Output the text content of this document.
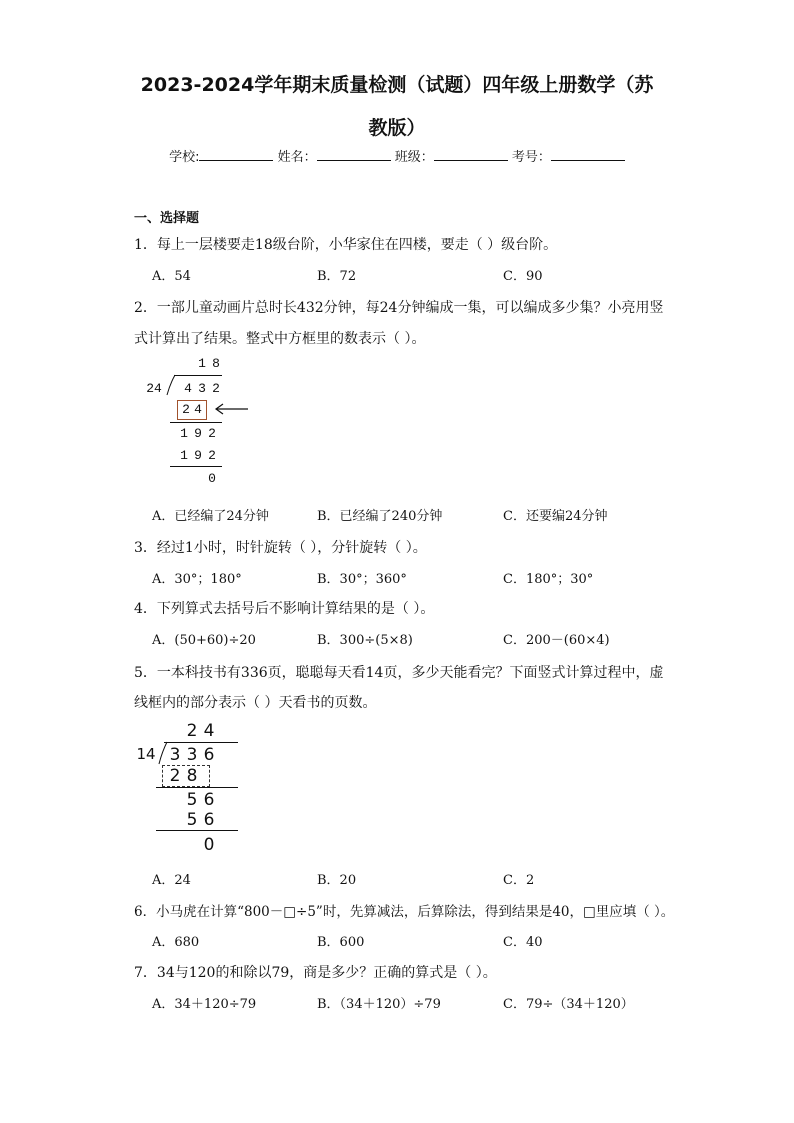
2023-2024学年期末质量检测（试题）四年级上册数学（苏
教版）
学校:	姓名：	班级：	考号：
一、选择题
1．每上一层楼要走18级台阶，小华家住在四楼，要走（ ）级台阶。
A．54	B．72	C．90
2．一部儿童动画片总时长432分钟，每24分钟编成一集，可以编成多少集？小亮用竖
式计算出了结果。整式中方框里的数表示（ ）。
1 8
24	4 3 2
2 4
1 9 2
1 9 2
0
A．已经编了24分钟	B．已经编了240分钟	C．还要编24分钟
3．经过1小时，时针旋转（ ），分针旋转（ ）。
A．30°；180°	B．30°；360°	C．180°；30°
4．下列算式去括号后不影响计算结果的是（ ）。
A．(50+60)÷20	B．300÷(5×8)	C．200－(60×4)
5．一本科技书有336页，聪聪每天看14页，多少天能看完？下面竖式计算过程中，虚
线框内的部分表示（ ）天看书的页数。
2 4
14 3 3 6
2 8
5 6
5 6
0
A．24	B．20	C．2
6．小马虎在计算“800－□÷5”时，先算减法，后算除法，得到结果是40，□里应填（ ）。
A．680	B．600	C．40
7．34与120的和除以79，商是多少？正确的算式是（ ）。
A．34＋120÷79	B．（34＋120）÷79	C．79÷（34＋120）
